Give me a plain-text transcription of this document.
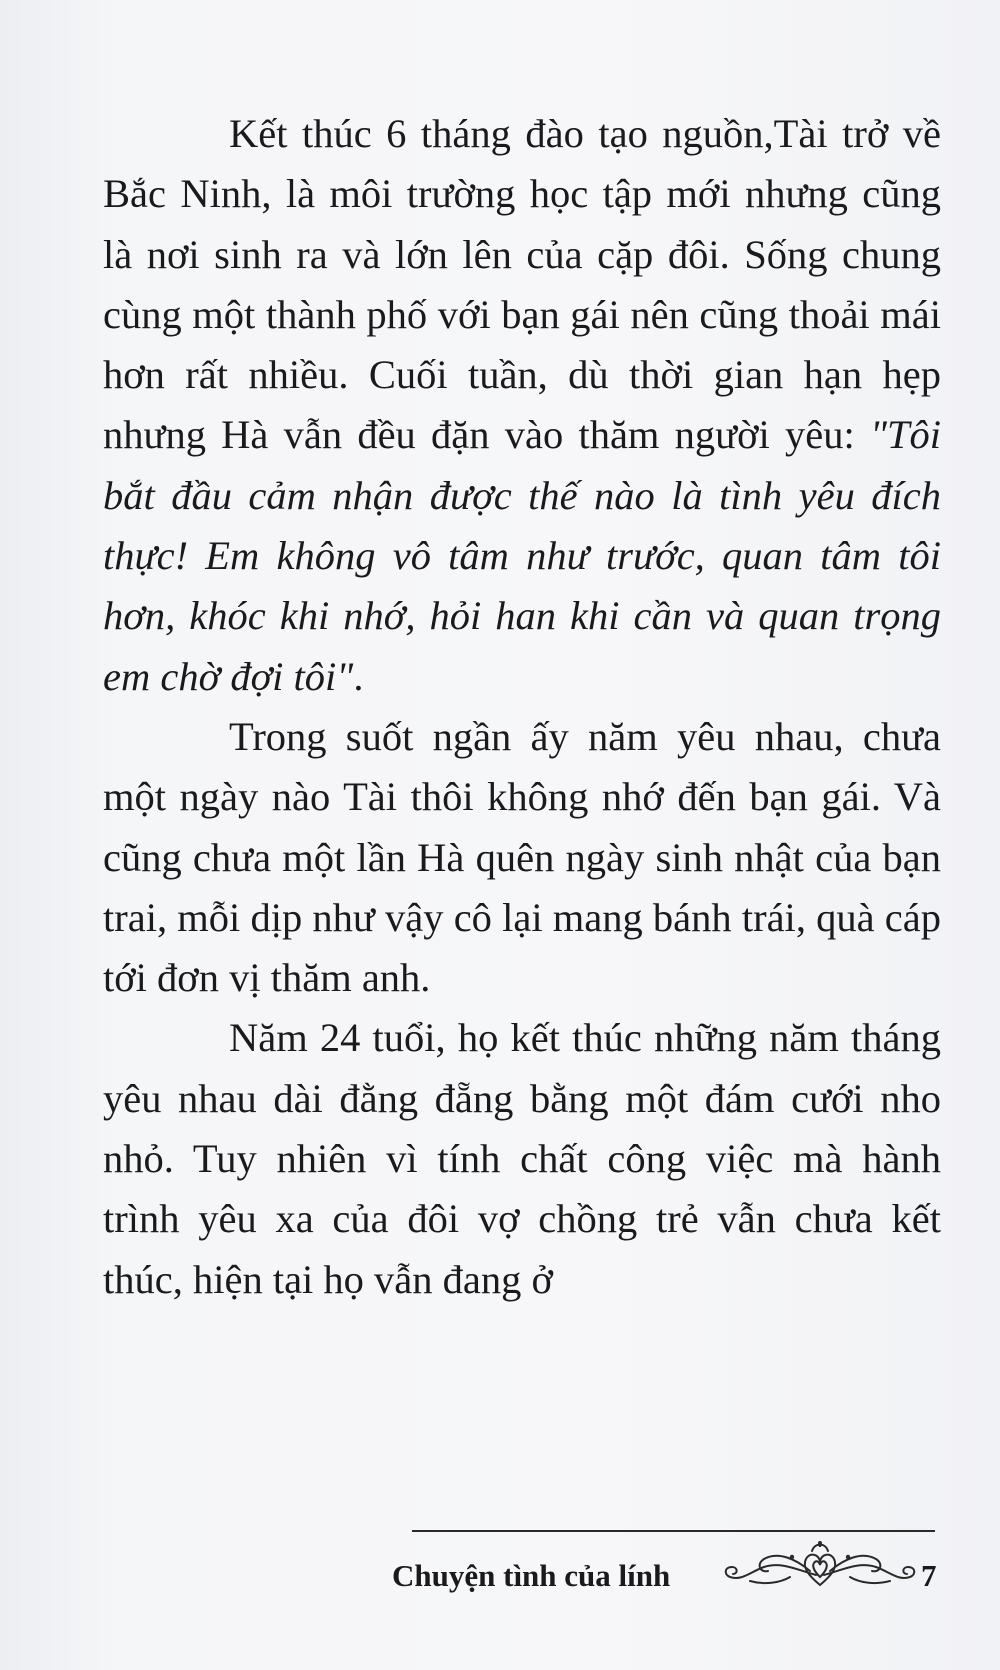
Kết thúc 6 tháng đào tạo nguồn,Tài trở về Bắc Ninh, là môi trường học tập mới nhưng cũng là nơi sinh ra và lớn lên của cặp đôi. Sống chung cùng một thành phố với bạn gái nên cũng thoải mái hơn rất nhiều. Cuối tuần, dù thời gian hạn hẹp nhưng Hà vẫn đều đặn vào thăm người yêu: "Tôi bắt đầu cảm nhận được thế nào là tình yêu đích thực! Em không vô tâm như trước, quan tâm tôi hơn, khóc khi nhớ, hỏi han khi cần và quan trọng em chờ đợi tôi".

Trong suốt ngần ấy năm yêu nhau, chưa một ngày nào Tài thôi không nhớ đến bạn gái. Và cũng chưa một lần Hà quên ngày sinh nhật của bạn trai, mỗi dịp như vậy cô lại mang bánh trái, quà cáp tới đơn vị thăm anh.

Năm 24 tuổi, họ kết thúc những năm tháng yêu nhau dài đằng đẵng bằng một đám cưới nho nhỏ. Tuy nhiên vì tính chất công việc mà hành trình yêu xa của đôi vợ chồng trẻ vẫn chưa kết thúc, hiện tại họ vẫn đang ở

Chuyện tình của lính	7
